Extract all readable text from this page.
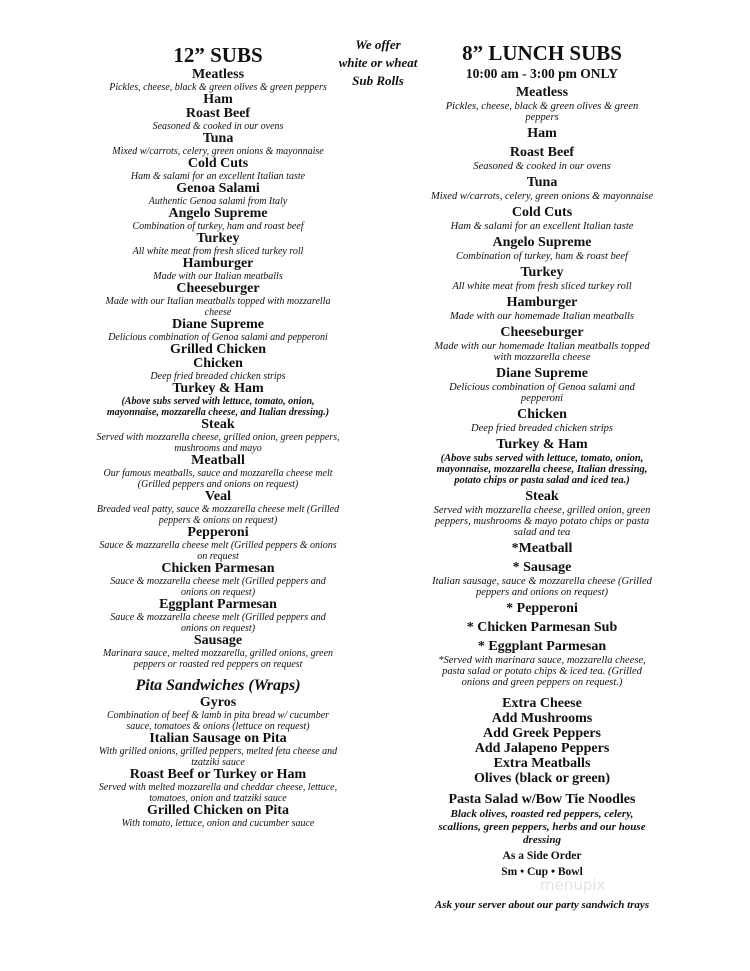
We offer
white or wheat
Sub Rolls
12” SUBS
Meatless
Pickles, cheese, black & green olives & green peppers
Ham
Roast Beef
Seasoned & cooked in our ovens
Tuna
Mixed w/carrots, celery, green onions & mayonnaise
Cold Cuts
Ham & salami for an excellent Italian taste
Genoa Salami
Authentic Genoa salami from Italy
Angelo Supreme
Combination of turkey, ham and roast beef
Turkey
All white meat from fresh sliced turkey roll
Hamburger
Made with our Italian meatballs
Cheeseburger
Made with our Italian meatballs topped with mozzarella cheese
Diane Supreme
Delicious combination of Genoa salami and pepperoni
Grilled Chicken
Chicken
Deep fried breaded chicken strips
Turkey & Ham
(Above subs served with lettuce, tomato, onion, mayonnaise, mozzarella cheese, and Italian dressing.)
Steak
Served with mozzarella cheese, grilled onion, green peppers, mushrooms and mayo
Meatball
Our famous meatballs, sauce and mozzarella cheese melt (Grilled peppers and onions on request)
Veal
Breaded veal patty, sauce & mozzarella cheese melt (Grilled peppers & onions on request)
Pepperoni
Sauce & mazzarella cheese melt (Grilled peppers & onions on request
Chicken Parmesan
Sauce & mozzarella cheese melt (Grilled peppers and onions on request)
Eggplant Parmesan
Sauce & mozzarella cheese melt (Grilled peppers and onions on request)
Sausage
Marinara sauce, melted mozzarella, grilled onions, green peppers or roasted red peppers on request
Pita Sandwiches (Wraps)
Gyros
Combination of beef & lamb in pita bread w/ cucumber sauce, tomatoes & onions (lettuce on request)
Italian Sausage on Pita
With grilled onions, grilled peppers, melted feta cheese and tzatziki sauce
Roast Beef or Turkey or Ham
Served with melted mozzarella and cheddar cheese, lettuce, tomatoes, onion and tzatziki sauce
Grilled Chicken on Pita
With tomato, lettuce, onion and cucumber sauce
8” LUNCH SUBS
10:00 am - 3:00 pm ONLY
Meatless
Pickles, cheese, black & green olives & green peppers
Ham
Roast Beef
Seasoned & cooked in our ovens
Tuna
Mixed w/carrots, celery, green onions & mayonnaise
Cold Cuts
Ham & salami for an excellent Italian taste
Angelo Supreme
Combination of turkey, ham & roast beef
Turkey
All white meat from fresh sliced turkey roll
Hamburger
Made with our homemade Italian meatballs
Cheeseburger
Made with our homemade Italian meatballs topped with mozzarella cheese
Diane Supreme
Delicious combination of Genoa salami and pepperoni
Chicken
Deep fried breaded chicken strips
Turkey & Ham
(Above subs served with lettuce, tomato, onion, mayonnaise, mozzarella cheese, Italian dressing, potato chips or pasta salad and iced tea.)
Steak
Served with mozzarella cheese, grilled onion, green peppers, mushrooms & mayo potato chips or pasta salad and tea
*Meatball
* Sausage
Italian sausage, sauce & mozzarella cheese (Grilled peppers and onions on request)
* Pepperoni
* Chicken Parmesan Sub
* Eggplant Parmesan
*Served with marinara sauce, mozzarella cheese, pasta salad or potato chips & iced tea. (Grilled onions and green peppers on request.)
Extra Cheese
Add Mushrooms
Add Greek Peppers
Add Jalapeno Peppers
Extra Meatballs
Olives (black or green)
Pasta Salad w/Bow Tie Noodles
Black olives, roasted red peppers, celery, scallions, green peppers, herbs and our house dressing
As a Side Order
Sm • Cup • Bowl
Ask your server about our party sandwich trays
menupix
